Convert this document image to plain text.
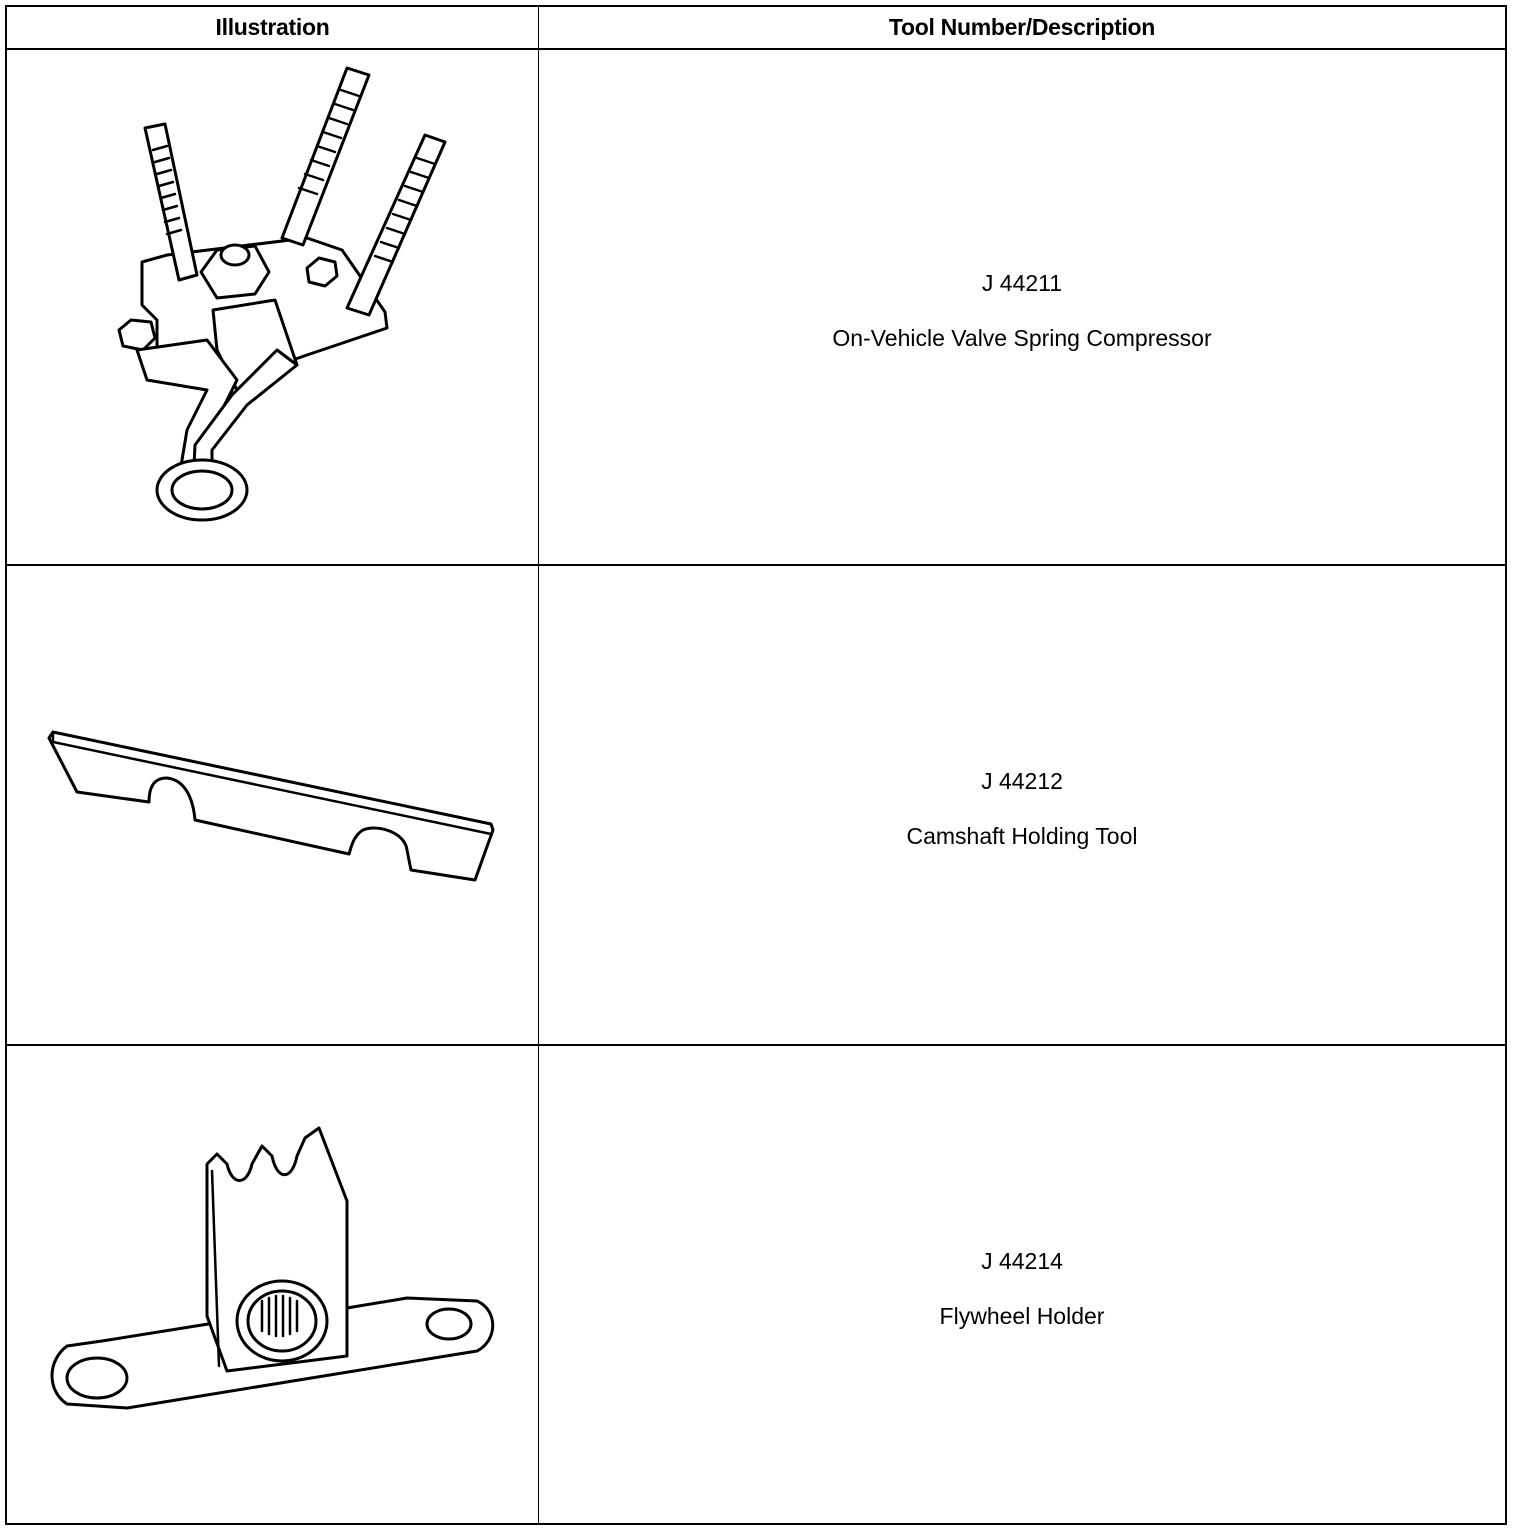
Illustration	Tool Number/Description
J 44211
On-Vehicle Valve Spring Compressor
J 44212
Camshaft Holding Tool
J 44214
Flywheel Holder
